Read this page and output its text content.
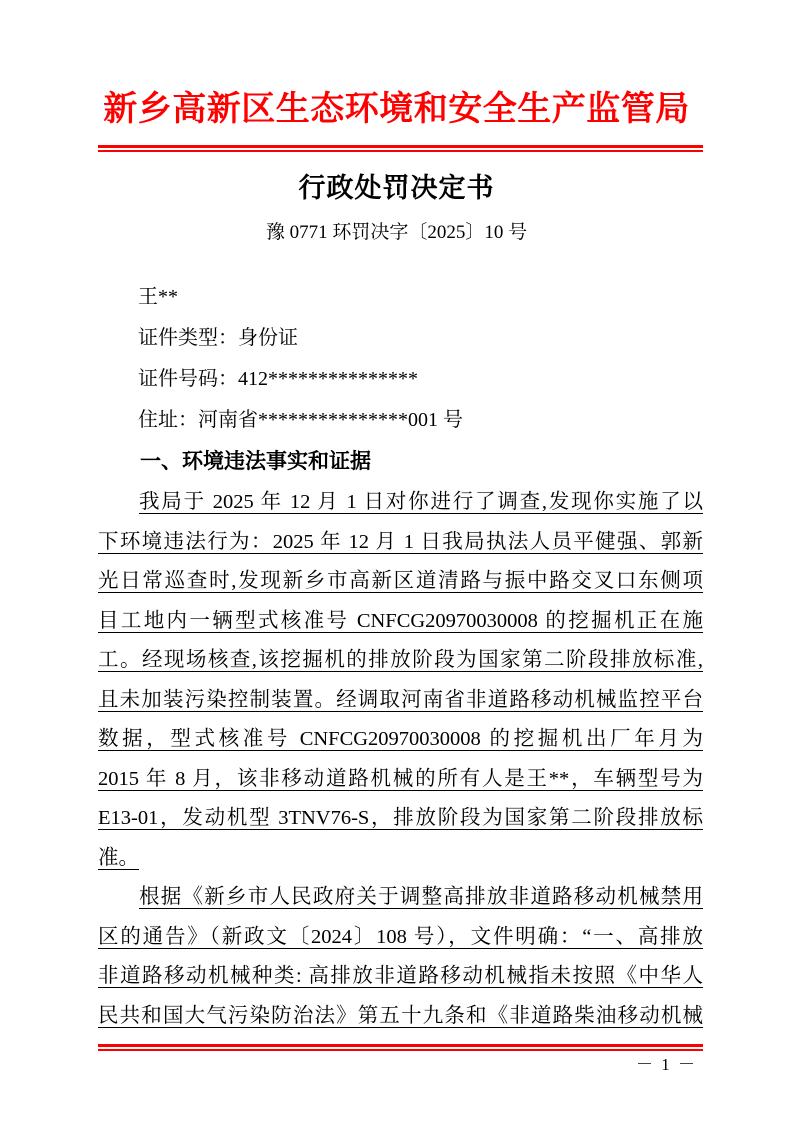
新乡高新区生态环境和安全生产监管局
行政处罚决定书
豫 0771 环罚决字〔2025〕10 号
王**
证件类型：身份证
证件号码：412***************
住址：河南省***************001 号
一、环境违法事实和证据
我局于 2025 年 12 月 1 日对你进行了调查,发现你实施了以
下环境违法行为：2025 年 12 月 1 日我局执法人员平健强、郭新
光日常巡查时,发现新乡市高新区道清路与振中路交叉口东侧项
目工地内一辆型式核准号 CNFCG20970030008 的挖掘机正在施
工。经现场核查,该挖掘机的排放阶段为国家第二阶段排放标准,
且未加装污染控制装置。经调取河南省非道路移动机械监控平台
数据，型式核准号 CNFCG20970030008 的挖掘机出厂年月为
2015 年 8 月，该非移动道路机械的所有人是王**，车辆型号为
E13-01，发动机型 3TNV76-S，排放阶段为国家第二阶段排放标
准。
根据《新乡市人民政府关于调整高排放非道路移动机械禁用
区的通告》（新政文〔2024〕108 号），文件明确：“一、高排放
非道路移动机械种类: 高排放非道路移动机械指未按照《中华人
民共和国大气污染防治法》第五十九条和《非道路柴油移动机械
－ 1 －
